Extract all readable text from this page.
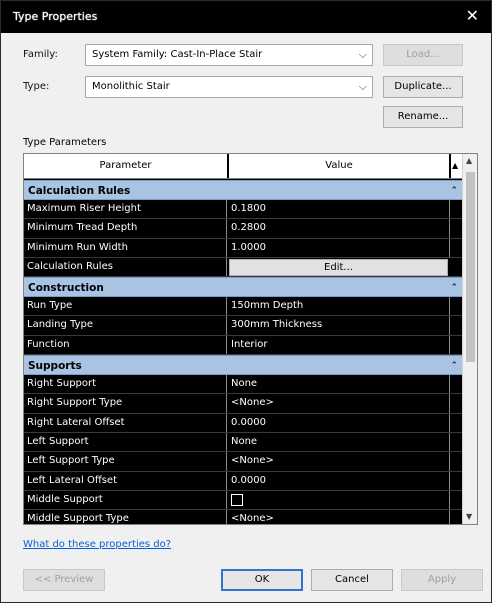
Type Properties	✕
Family:	System Family: Cast-In-Place Stair	⌵	Load...
Type:	Monolithic Stair	⌵	Duplicate...
Rename...
Type Parameters
Parameter	Value	▲
Calculation Rules	⌃
Maximum Riser Height	0.1800
Minimum Tread Depth	0.2800
Minimum Run Width	1.0000
Calculation Rules	Edit...
Construction	⌃
Run Type	150mm Depth
Landing Type	300mm Thickness
Function	Interior
Supports	⌃
Right Support	None
Right Support Type	<None>
Right Lateral Offset	0.0000
Left Support	None
Left Support Type	<None>
Left Lateral Offset	0.0000
Middle Support
Middle Support Type	<None>
▲
▼
What do these properties do?
<< Preview	OK	Cancel	Apply
